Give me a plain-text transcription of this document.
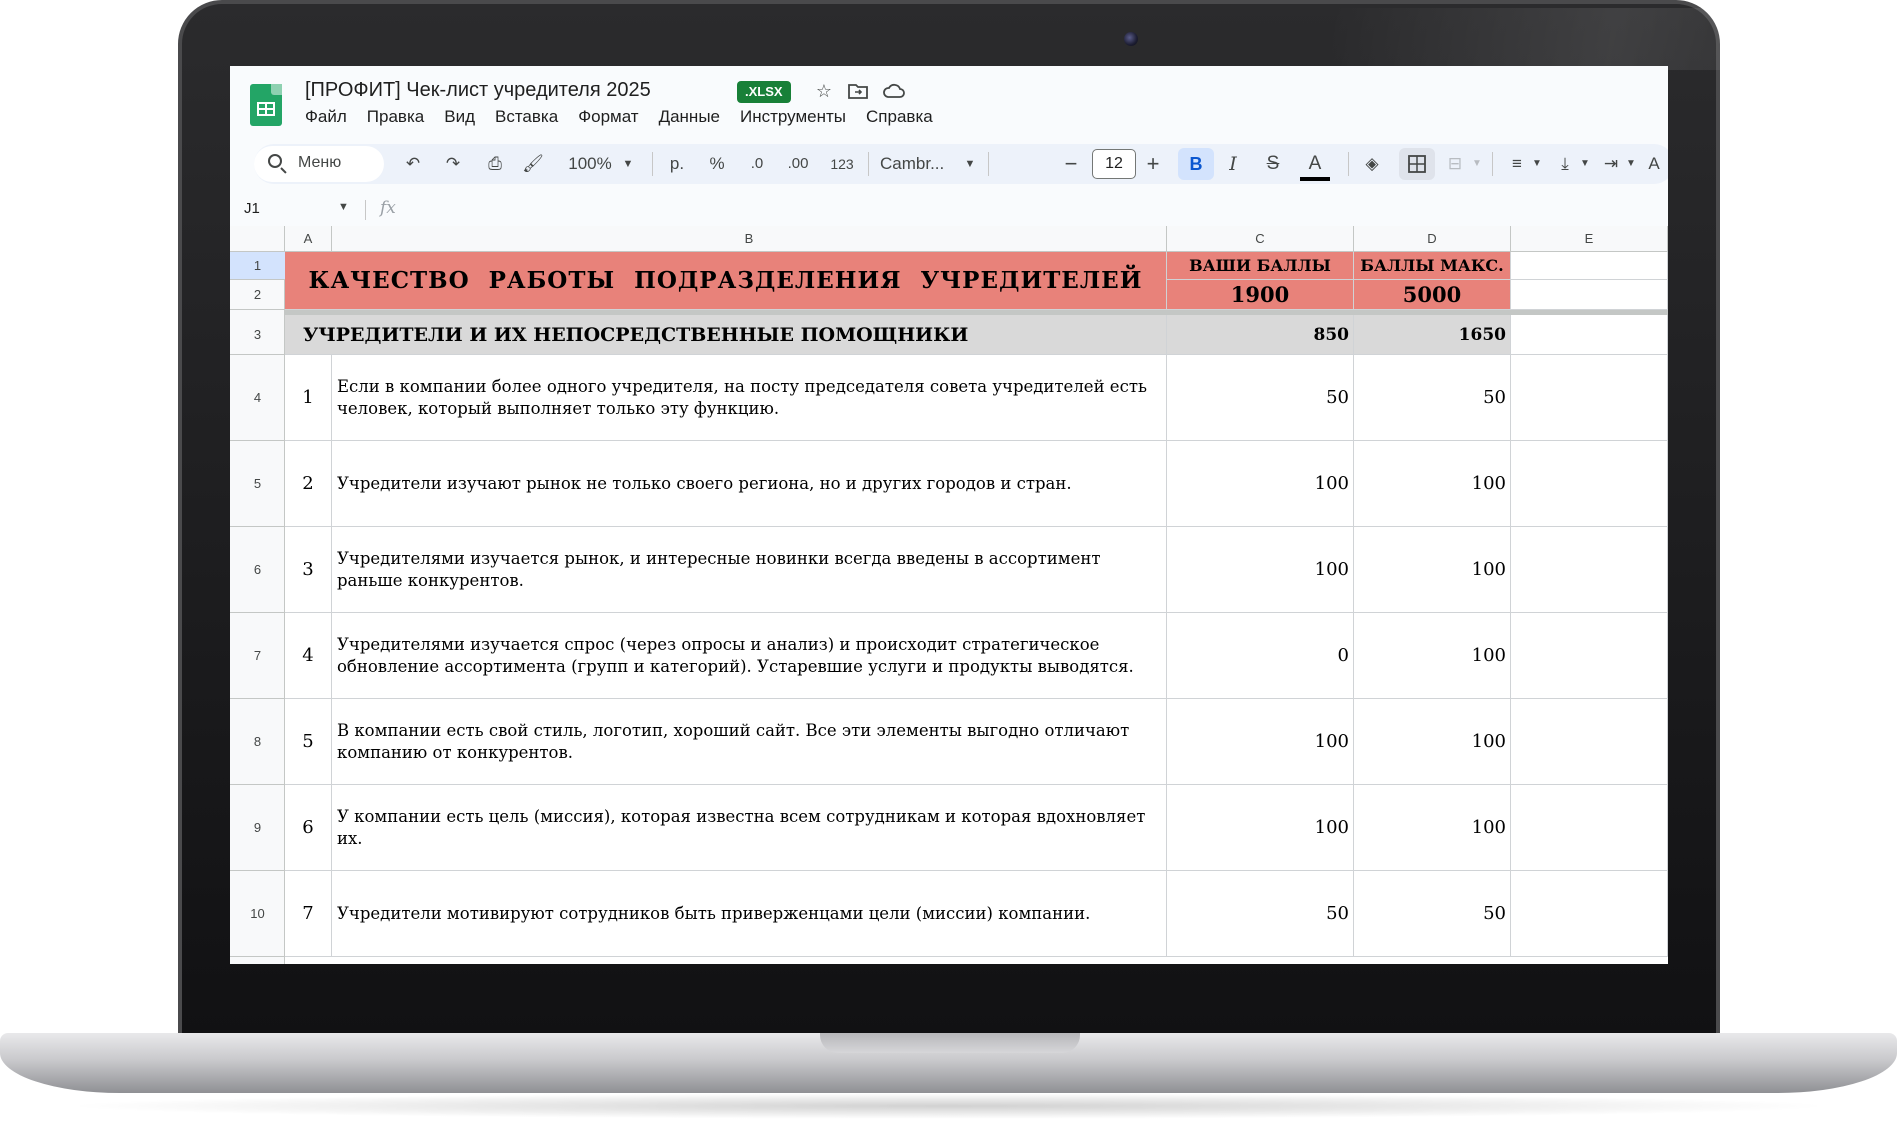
[ПРОФИТ] Чек-лист учредителя 2025	.XLSX	☆
Файл	Правка	Вид	Вставка	Формат	Данные	Инструменты	Справка
Меню	↶	↷	⎙	🖌	100% ▼	р.	%	.0	.00	123	Cambr...	▼	−	12	+	B	I	S	A	◈	⊟ ▼	≡	▼	⤓	▼ ⇥ ▼ A
J1	▼ fx
A	B	C	D	E
1
2
3
4
5
6
7
8
9
10
КАЧЕСТВО РАБОТЫ ПОДРАЗДЕЛЕНИЯ УЧРЕДИТЕЛЕЙ
ВАШИ БАЛЛЫ	БАЛЛЫ МАКС.
1900	5000
УЧРЕДИТЕЛИ И ИХ НЕПОСРЕДСТВЕННЫЕ ПОМОЩНИКИ	850	1650
1
Если в компании более одного учредителя, на посту председателя совета учредителей есть человек, который выполняет только эту функцию.	50	50
2	Учредители изучают рынок не только своего региона, но и других городов и стран.	100	100
3
Учредителями изучается рынок, и интересные новинки всегда введены в ассортимент раньше конкурентов.	100	100
4
Учредителями изучается спрос (через опросы и анализ) и происходит стратегическое обновление ассортимента (групп и категорий). Устаревшие услуги и продукты выводятся.	0	100
5
В компании есть свой стиль, логотип, хороший сайт. Все эти элементы выгодно отличают компанию от конкурентов.	100	100
6
У компании есть цель (миссия), которая известна всем сотрудникам и которая вдохновляет их.	100	100
7	Учредители мотивируют сотрудников быть приверженцами цели (миссии) компании.	50	50
